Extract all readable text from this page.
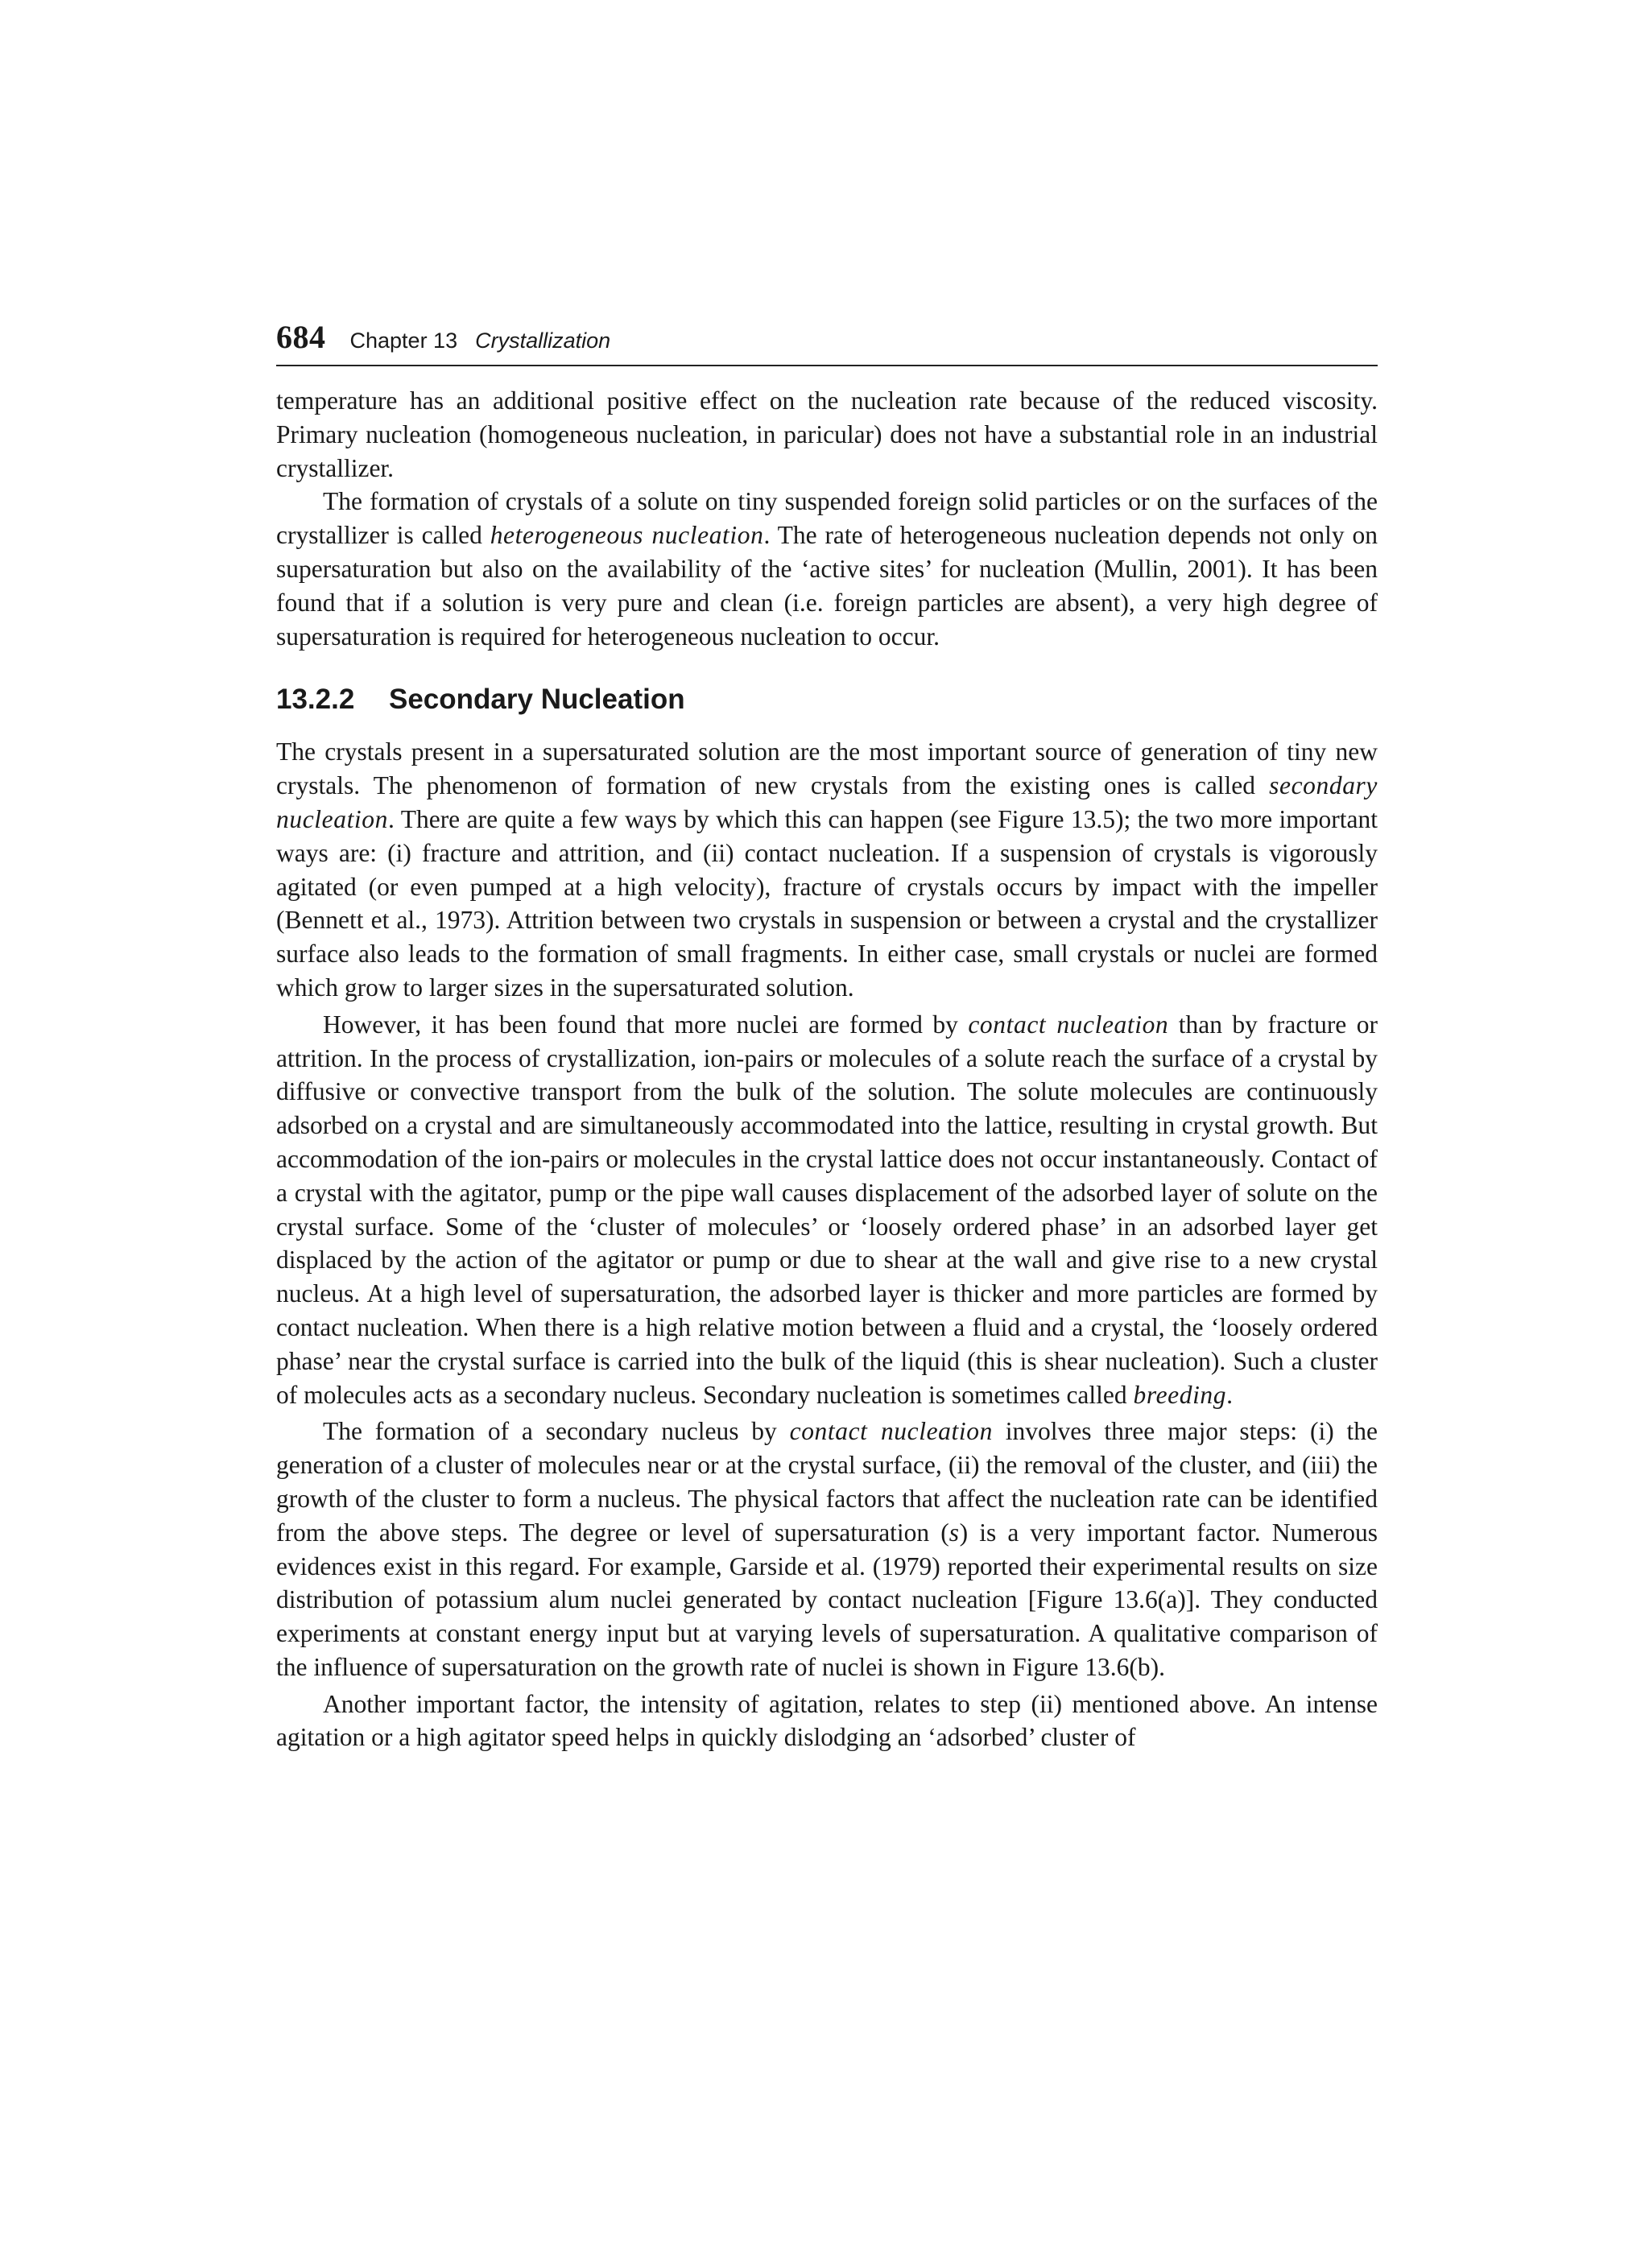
684 Chapter 13 Crystallization

temperature has an additional positive effect on the nucleation rate because of the reduced viscosity. Primary nucleation (homogeneous nucleation, in paricular) does not have a substantial role in an industrial crystallizer.

The formation of crystals of a solute on tiny suspended foreign solid particles or on the surfaces of the crystallizer is called heterogeneous nucleation. The rate of heterogeneous nucleation depends not only on supersaturation but also on the availability of the ‘active sites’ for nucleation (Mullin, 2001). It has been found that if a solution is very pure and clean (i.e. foreign particles are absent), a very high degree of supersaturation is required for heterogeneous nucleation to occur.

13.2.2	Secondary Nucleation

The crystals present in a supersaturated solution are the most important source of generation of tiny new crystals. The phenomenon of formation of new crystals from the existing ones is called secondary nucleation. There are quite a few ways by which this can happen (see Figure 13.5); the two more important ways are: (i) fracture and attrition, and (ii) contact nucleation. If a suspension of crystals is vigorously agitated (or even pumped at a high velocity), fracture of crystals occurs by impact with the impeller (Bennett et al., 1973). Attrition between two crystals in suspension or between a crystal and the crystallizer surface also leads to the formation of small fragments. In either case, small crystals or nuclei are formed which grow to larger sizes in the supersaturated solution.

However, it has been found that more nuclei are formed by contact nucleation than by fracture or attrition. In the process of crystallization, ion-pairs or molecules of a solute reach the surface of a crystal by diffusive or convective transport from the bulk of the solution. The solute molecules are continuously adsorbed on a crystal and are simultaneously accommodated into the lattice, resulting in crystal growth. But accommodation of the ion-pairs or molecules in the crystal lattice does not occur instantaneously. Contact of a crystal with the agitator, pump or the pipe wall causes displacement of the adsorbed layer of solute on the crystal surface. Some of the ‘cluster of molecules’ or ‘loosely ordered phase’ in an adsorbed layer get displaced by the action of the agitator or pump or due to shear at the wall and give rise to a new crystal nucleus. At a high level of supersaturation, the adsorbed layer is thicker and more particles are formed by contact nucleation. When there is a high relative motion between a fluid and a crystal, the ‘loosely ordered phase’ near the crystal surface is carried into the bulk of the liquid (this is shear nucleation). Such a cluster of molecules acts as a secondary nucleus. Secondary nucleation is sometimes called breeding.

The formation of a secondary nucleus by contact nucleation involves three major steps: (i) the generation of a cluster of molecules near or at the crystal surface, (ii) the removal of the cluster, and (iii) the growth of the cluster to form a nucleus. The physical factors that affect the nucleation rate can be identified from the above steps. The degree or level of supersaturation (s) is a very important factor. Numerous evidences exist in this regard. For example, Garside et al. (1979) reported their experimental results on size distribution of potassium alum nuclei generated by contact nucleation [Figure 13.6(a)]. They conducted experiments at constant energy input but at varying levels of supersaturation. A qualitative comparison of the influence of supersaturation on the growth rate of nuclei is shown in Figure 13.6(b).

Another important factor, the intensity of agitation, relates to step (ii) mentioned above. An intense agitation or a high agitator speed helps in quickly dislodging an ‘adsorbed’ cluster of
